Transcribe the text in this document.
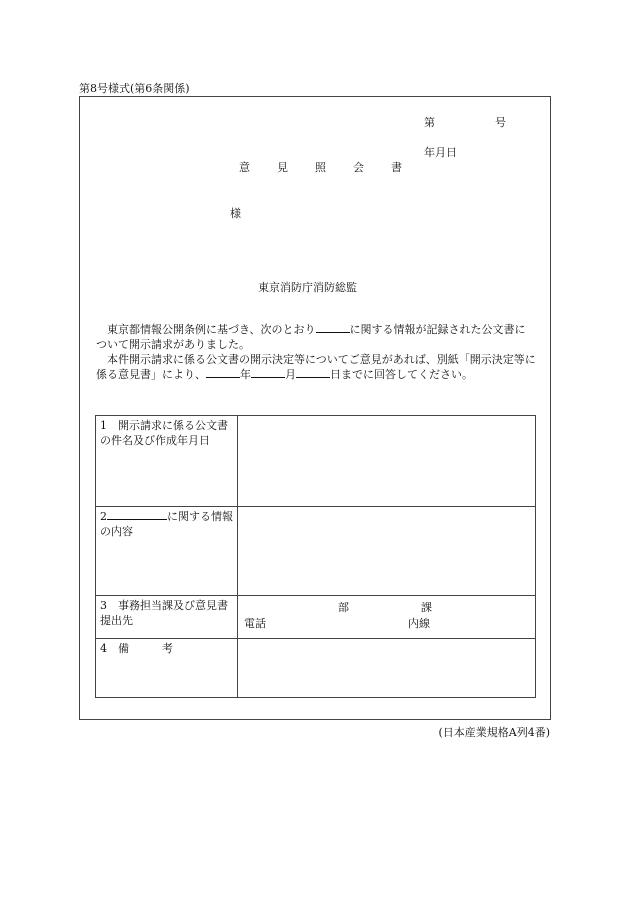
第8号様式(第6条関係)
第	号
年月日
意 見 照 会 書
様
東京消防庁消防総監

東京都情報公開条例に基づき、次のとおり	に関する情報が記録された公文書について開示請求がありました。

本件開示請求に係る公文書の開示決定等についてご意見があれば、別紙「開示決定等に係る意見書」により、	年	月	日までに回答してください。

1　開示請求に係る公文書の件名及び作成年月日	
2 に関する情報の内容	
3　事務担当課及び意見書提出先	部 課
電話 内線

4　備　　　考	
(日本産業規格A列4番)
